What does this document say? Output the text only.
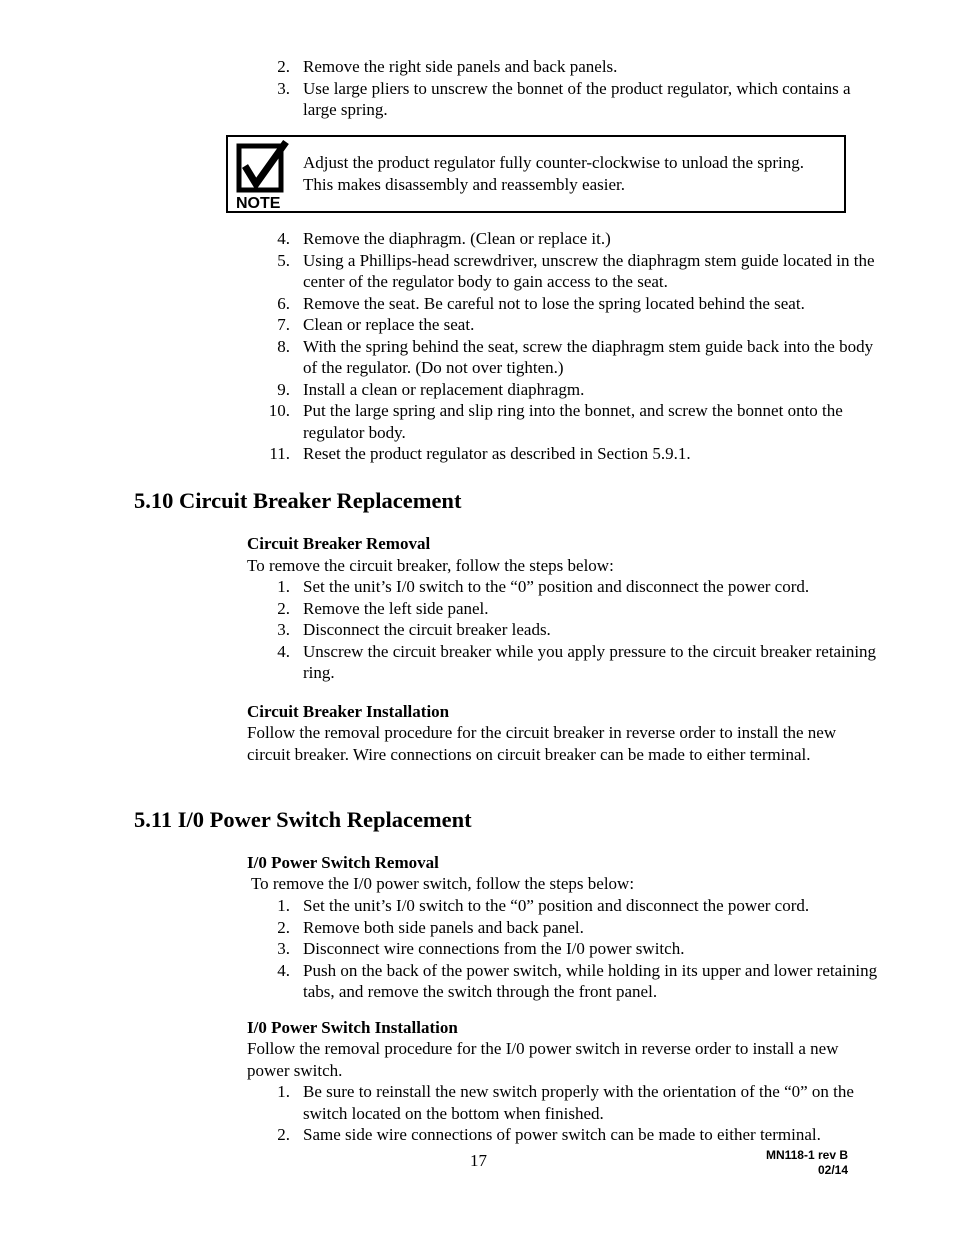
2. Remove the right side panels and back panels.
3. Use large pliers to unscrew the bonnet of the product regulator, which contains a large spring.
NOTE
Adjust the product regulator fully counter-clockwise to unload the spring. This makes disassembly and reassembly easier.
4. Remove the diaphragm. (Clean or replace it.)
5. Using a Phillips-head screwdriver, unscrew the diaphragm stem guide located in the center of the regulator body to gain access to the seat.
6. Remove the seat. Be careful not to lose the spring located behind the seat.
7. Clean or replace the seat.
8. With the spring behind the seat, screw the diaphragm stem guide back into the body of the regulator. (Do not over tighten.)
9. Install a clean or replacement diaphragm.
10. Put the large spring and slip ring into the bonnet, and screw the bonnet onto the regulator body.
11. Reset the product regulator as described in Section 5.9.1.
5.10 Circuit Breaker Replacement

Circuit Breaker Removal

To remove the circuit breaker, follow the steps below:

1. Set the unit’s I/0 switch to the “0” position and disconnect the power cord.
2. Remove the left side panel.
3. Disconnect the circuit breaker leads.
4. Unscrew the circuit breaker while you apply pressure to the circuit breaker retaining ring.

Circuit Breaker Installation

Follow the removal procedure for the circuit breaker in reverse order to install the new circuit breaker. Wire connections on circuit breaker can be made to either terminal.

5.11 I/0 Power Switch Replacement

I/0 Power Switch Removal

To remove the I/0 power switch, follow the steps below:

1. Set the unit’s I/0 switch to the “0” position and disconnect the power cord.
2. Remove both side panels and back panel.
3. Disconnect wire connections from the I/0 power switch.
4. Push on the back of the power switch, while holding in its upper and lower retaining tabs, and remove the switch through the front panel.

I/0 Power Switch Installation

Follow the removal procedure for the I/0 power switch in reverse order to install a new power switch.

1. Be sure to reinstall the new switch properly with the orientation of the “0” on the switch located on the bottom when finished.
2. Same side wire connections of power switch can be made to either terminal.
17	MN118-1 rev B
02/14
